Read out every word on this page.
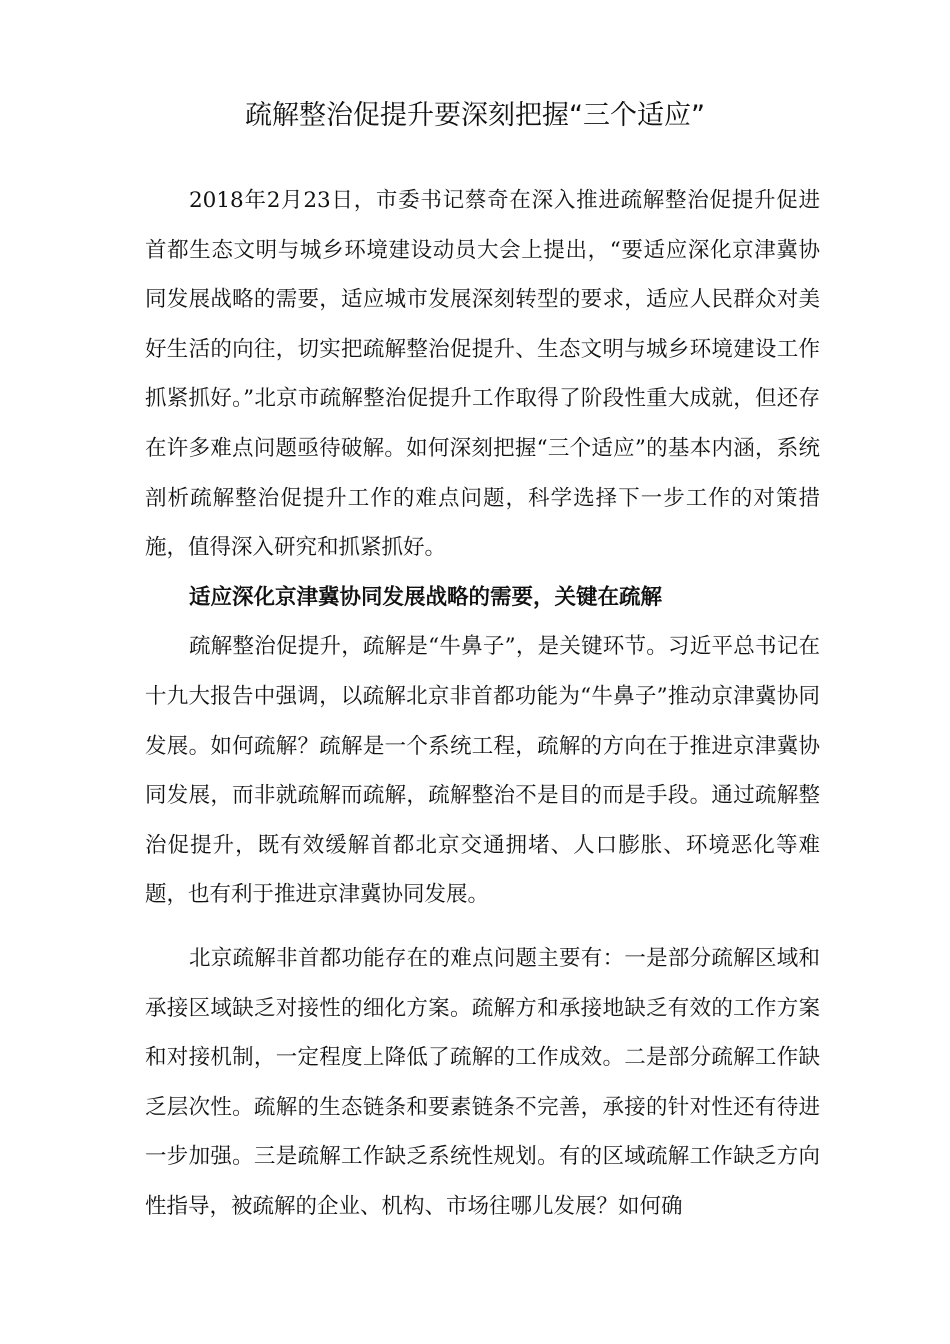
疏解整治促提升要深刻把握“三个适应”

2018年2月23日，市委书记蔡奇在深入推进疏解整治促提升促进首都生态文明与城乡环境建设动员大会上提出，“要适应深化京津冀协同发展战略的需要，适应城市发展深刻转型的要求，适应人民群众对美好生活的向往，切实把疏解整治促提升、生态文明与城乡环境建设工作抓紧抓好。”北京市疏解整治促提升工作取得了阶段性重大成就，但还存在许多难点问题亟待破解。如何深刻把握“三个适应”的基本内涵，系统剖析疏解整治促提升工作的难点问题，科学选择下一步工作的对策措施，值得深入研究和抓紧抓好。

适应深化京津冀协同发展战略的需要，关键在疏解

疏解整治促提升，疏解是“牛鼻子”，是关键环节。习近平总书记在十九大报告中强调，以疏解北京非首都功能为“牛鼻子”推动京津冀协同发展。如何疏解？疏解是一个系统工程，疏解的方向在于推进京津冀协同发展，而非就疏解而疏解，疏解整治不是目的而是手段。通过疏解整治促提升，既有效缓解首都北京交通拥堵、人口膨胀、环境恶化等难题，也有利于推进京津冀协同发展。

北京疏解非首都功能存在的难点问题主要有：一是部分疏解区域和承接区域缺乏对接性的细化方案。疏解方和承接地缺乏有效的工作方案和对接机制，一定程度上降低了疏解的工作成效。二是部分疏解工作缺乏层次性。疏解的生态链条和要素链条不完善，承接的针对性还有待进一步加强。三是疏解工作缺乏系统性规划。有的区域疏解工作缺乏方向性指导，被疏解的企业、机构、市场往哪儿发展？如何确
